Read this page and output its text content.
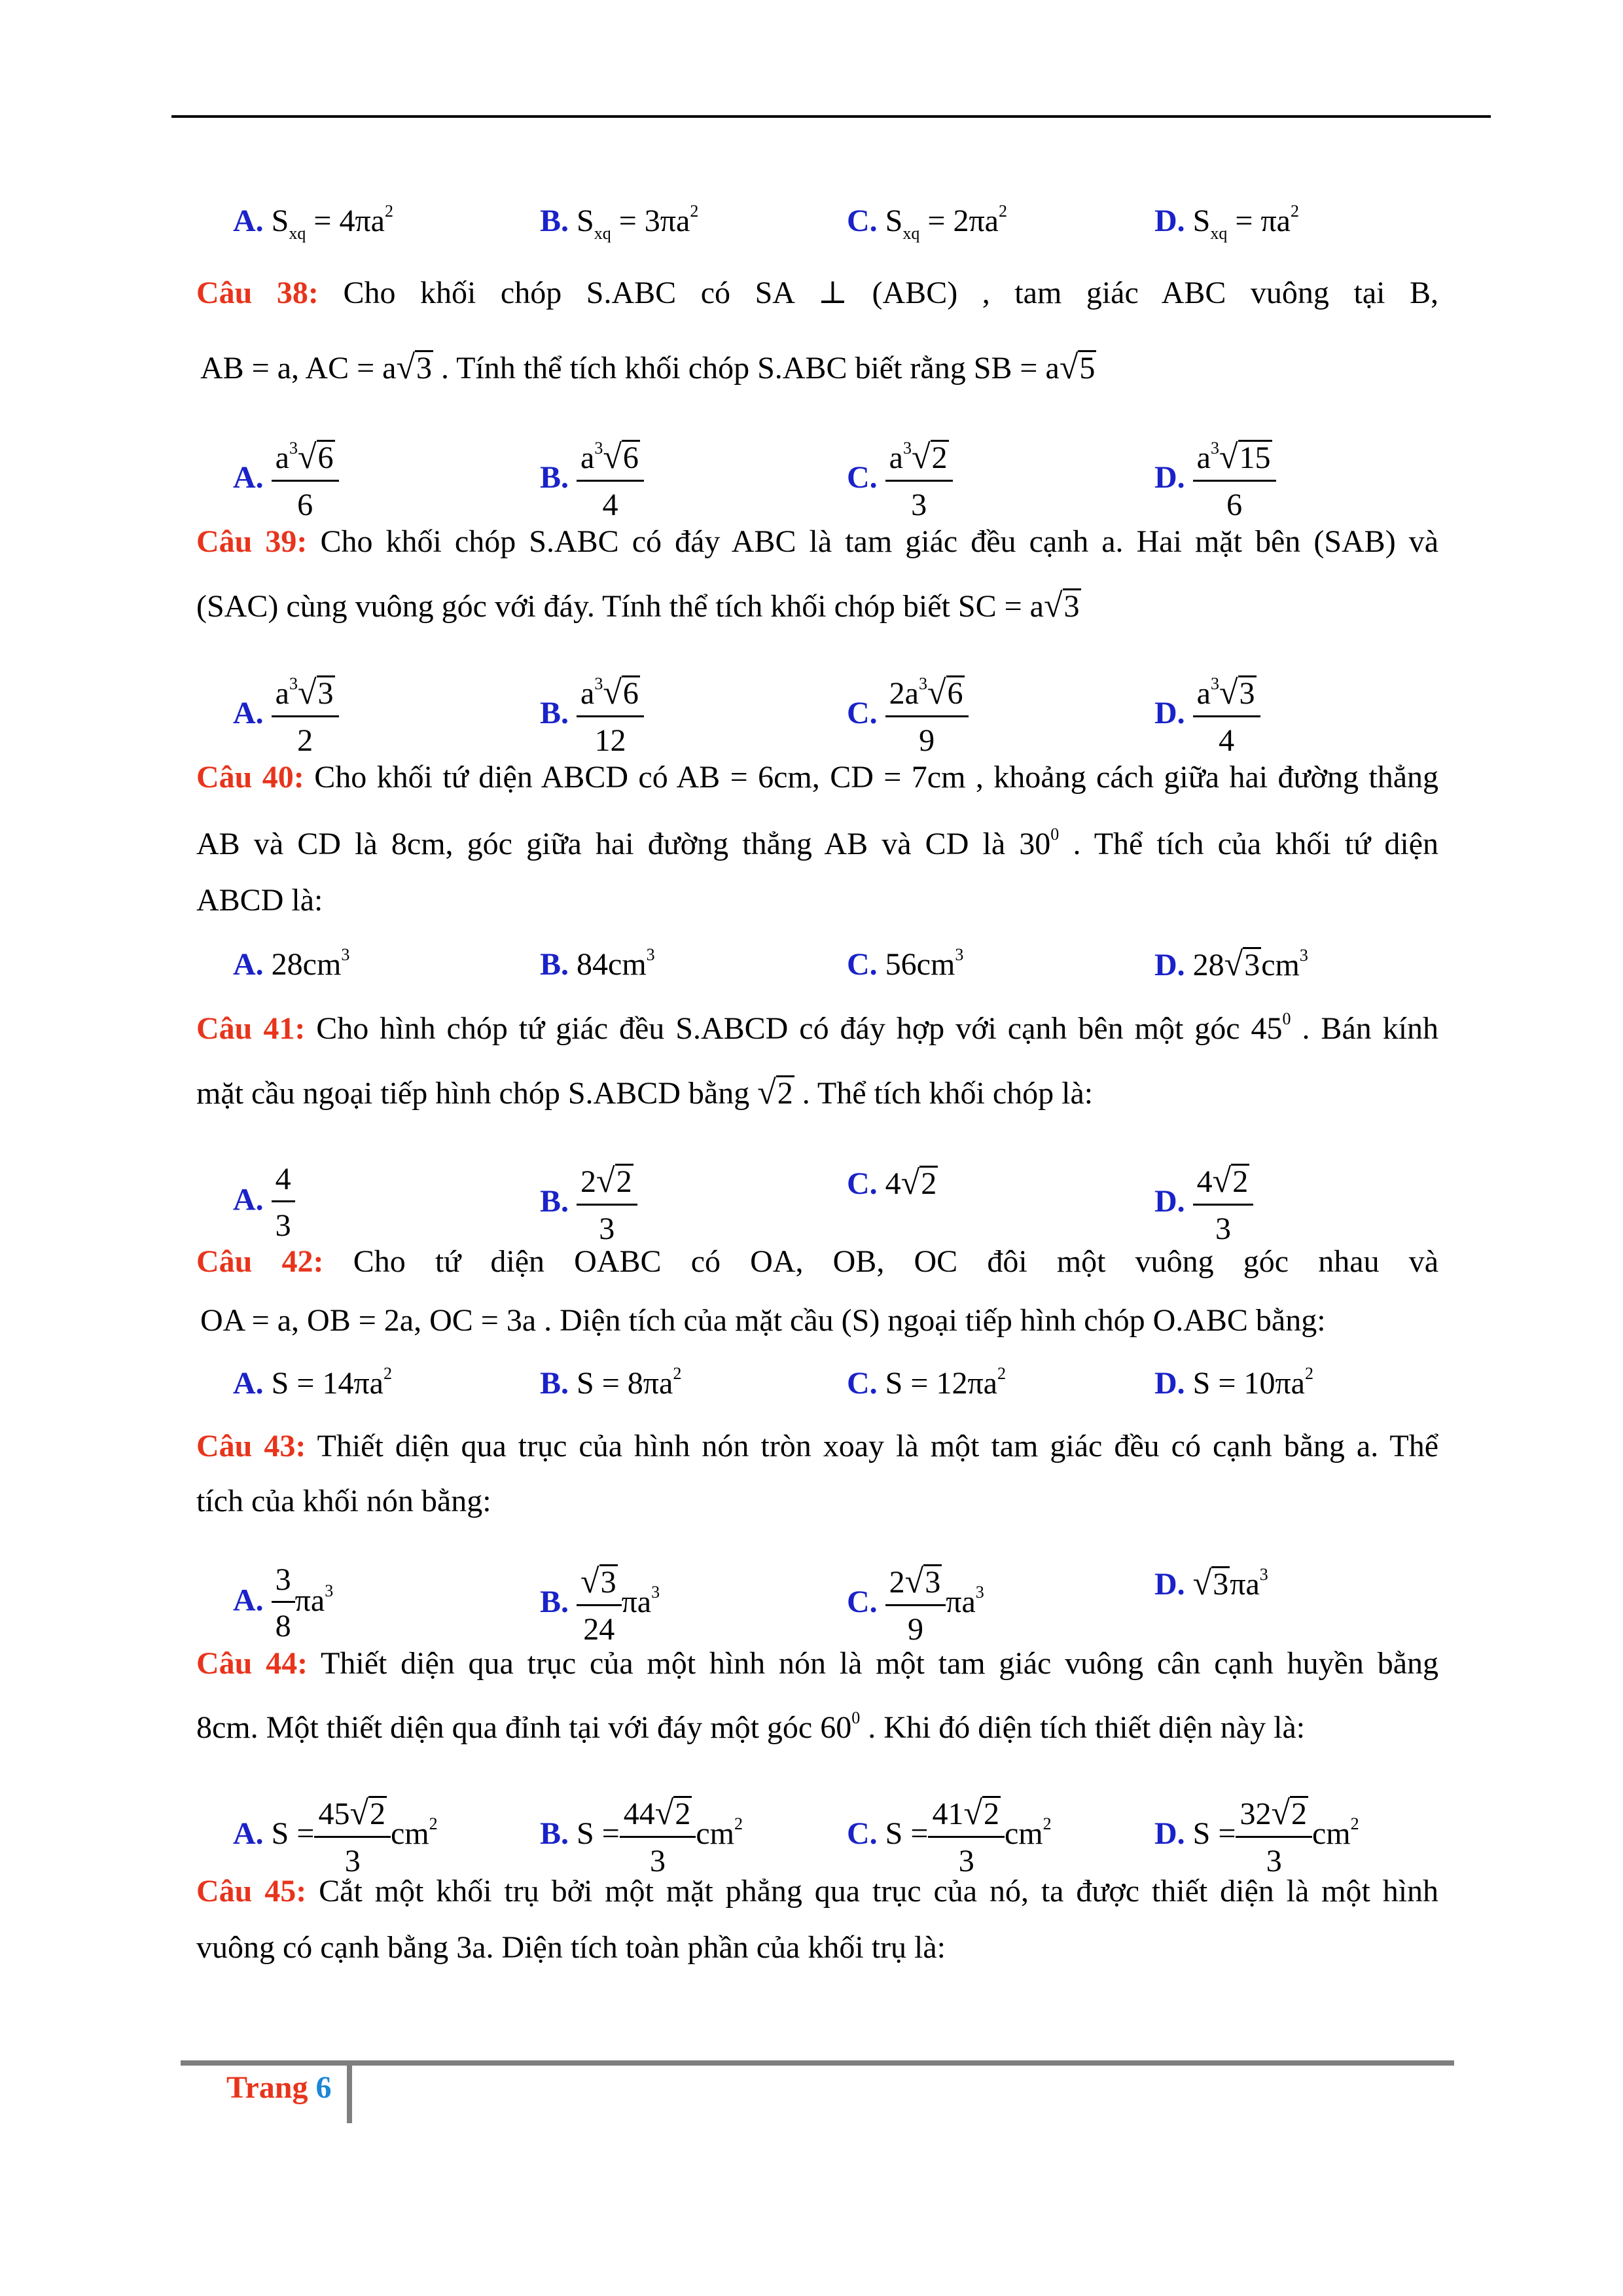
A. $S_{xq} = 4\pi a^2$	B. $S_{xq} = 3\pi a^2$	C. $S_{xq} = 2\pi a^2$	D. $S_{xq} = \pi a^2$
Câu 38: Cho khối chóp S.ABC có SA ⊥ (ABC) , tam giác ABC vuông tại B,
AB = a, AC = a√3 . Tính thể tích khối chóp S.ABC biết rằng SB = a√5
A. $\frac{a^3√6}{6}$	B. $\frac{a^3√6}{4}$	C. $\frac{a^3√2}{3}$	D. $\frac{a^3√15}{6}$
Câu 39: Cho khối chóp S.ABC có đáy ABC là tam giác đều cạnh a. Hai mặt bên (SAB) và
(SAC) cùng vuông góc với đáy. Tính thể tích khối chóp biết SC = a√3
A. $\frac{a^3√3}{2}$	B. $\frac{a^3√6}{12}$	C. $\frac{2a^3√6}{9}$	D. $\frac{a^3√3}{4}$
Câu 40: Cho khối tứ diện ABCD có AB = 6cm, CD = 7cm , khoảng cách giữa hai đường thẳng
AB và CD là 8cm, góc giữa hai đường thẳng AB và CD là $30^0$ . Thể tích của khối tứ diện
ABCD là:
A. $28cm^3$	B. $84cm^3$	C. $56cm^3$	D. $28√3cm^3$
Câu 41: Cho hình chóp tứ giác đều S.ABCD có đáy hợp với cạnh bên một góc $45^0$ . Bán kính
mặt cầu ngoại tiếp hình chóp S.ABCD bằng √2 . Thể tích khối chóp là:
A. $\frac{4}{3}$	B. $\frac{2√2}{3}$	C. 4√2
D. $\frac{4√2}{3}$
Câu 42: Cho tứ diện OABC có OA, OB, OC đôi một vuông góc nhau và
OA = a, OB = 2a, OC = 3a . Diện tích của mặt cầu (S) ngoại tiếp hình chóp O.ABC bằng:
A. $S = 14\pi a^2$	B. $S = 8\pi a^2$	C. $S = 12\pi a^2$	D. $S = 10\pi a^2$
Câu 43: Thiết diện qua trục của hình nón tròn xoay là một tam giác đều có cạnh bằng a. Thể
tích của khối nón bằng:
A. $\frac{3}{8} \pi a^3$	B. $\frac{√3}{24} \pi a^3$	C. $\frac{2√3}{9} \pi a^3$	D. $√3\pi a^3$
Câu 44: Thiết diện qua trục của một hình nón là một tam giác vuông cân cạnh huyền bằng
8cm. Một thiết diện qua đỉnh tại với đáy một góc $60^0$ . Khi đó diện tích thiết diện này là:
A. $S = \frac{45√2}{3} cm^2$	B. $S = \frac{44√2}{3} cm^2$	C. $S = \frac{41√2}{3} cm^2$	D. $S = \frac{32√2}{3} cm^2$
Câu 45: Cắt một khối trụ bởi một mặt phẳng qua trục của nó, ta được thiết diện là một hình
vuông có cạnh bằng 3a. Diện tích toàn phần của khối trụ là:
Trang 6
